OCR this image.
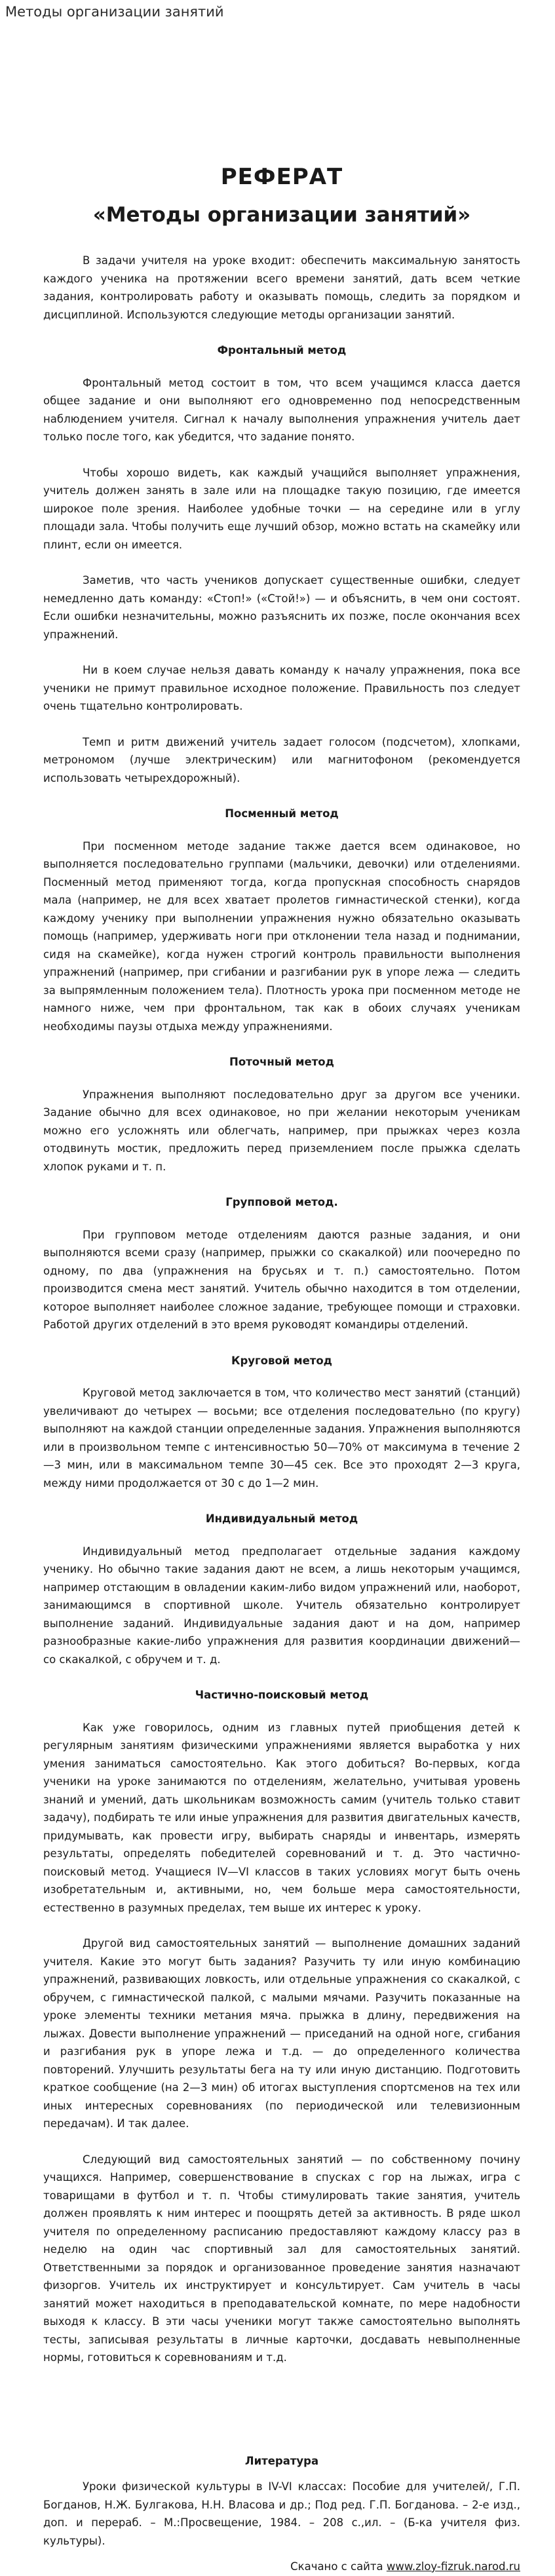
Методы организации занятий
РЕФЕРАТ
«Методы организации занятий»

В задачи учителя на уроке входит: обеспечить максимальную занятость каждого ученика на протяжении всего времени занятий, дать всем четкие задания, контролировать работу и оказывать помощь, следить за порядком и дисциплиной. Используются следующие методы организации занятий.

Фронтальный метод

Фронтальный метод состоит в том, что всем учащимся класса дается общее задание и они выполняют его одновременно под непосредственным наблюдением учителя. Сигнал к началу выполнения упражнения учитель дает только после того, как убедится, что задание понято.

Чтобы хорошо видеть, как каждый учащийся выполняет упражнения, учитель должен занять в зале или на площадке такую позицию, где имеется широкое поле зрения. Наиболее удобные точки — на середине или в углу площади зала. Чтобы получить еще лучший обзор, можно встать на скамейку или плинт, если он имеется.

Заметив, что часть учеников допускает существенные ошибки, следует немедленно дать команду: «Стоп!» («Стой!») — и объяснить, в чем они состоят. Если ошибки незначительны, можно разъяснить их позже, после окончания всех упражнений.

Ни в коем случае нельзя давать команду к началу упражнения, пока все ученики не примут правильное исходное положение. Правильность поз следует очень тщательно контролировать.

Темп и ритм движений учитель задает голосом (подсчетом), хлопками, метрономом (лучше электрическим) или магнитофоном (рекомендуется использовать четырехдорожный).

Посменный метод

При посменном методе задание также дается всем одинаковое, но выполняется последовательно группами (мальчики, девочки) или отделениями. Посменный метод применяют тогда, когда пропускная способность снарядов мала (например, не для всех хватает пролетов гимнастической стенки), когда каждому ученику при выполнении упражнения нужно обязательно оказывать помощь (например, удерживать ноги при отклонении тела назад и поднимании, сидя на скамейке), когда нужен строгий контроль правильности выполнения упражнений (например, при сгибании и разгибании рук в упоре лежа — следить за выпрямленным положением тела). Плотность урока при посменном методе не намного ниже, чем при фронтальном, так как в обоих случаях ученикам необходимы паузы отдыха между упражнениями.

Поточный метод

Упражнения выполняют последовательно друг за другом все ученики. Задание обычно для всех одинаковое, но при желании некоторым ученикам можно его усложнять или облегчать, например, при прыжках через козла отодвинуть мостик, предложить перед приземлением после прыжка сделать хлопок руками и т. п.

Групповой метод.

При групповом методе отделениям даются разные задания, и они выполняются всеми сразу (например, прыжки со скакалкой) или поочередно по одному, по два (упражнения на брусьях и т. п.) самостоятельно. Потом производится смена мест занятий. Учитель обычно находится в том отделении, которое выполняет наиболее сложное задание, требующее помощи и страховки. Работой других отделений в это время руководят командиры отделений.

Круговой метод

Круговой метод заключается в том, что количество мест занятий (станций) увеличивают до четырех — восьми; все отделения последовательно (по кругу) выполняют на каждой станции определенные задания. Упражнения выполняются или в произвольном темпе с интенсивностью 50—70% от максимума в течение 2—3 мин, или в максимальном темпе 30—45 сек. Все это проходят 2—3 круга, между ними продолжается от 30 с до 1—2 мин.

Индивидуальный метод

Индивидуальный метод предполагает отдельные задания каждому ученику. Но обычно такие задания дают не всем, а лишь некоторым учащимся, например отстающим в овладении каким-либо видом упражнений или, наоборот, занимающимся в спортивной школе. Учитель обязательно контролирует выполнение заданий. Индивидуальные задания дают и на дом, например разнообразные какие-либо упражнения для развития координации движений— со скакалкой, с обручем и т. д.

Частично-поисковый метод

Как уже говорилось, одним из главных путей приобщения детей к регулярным занятиям физическими упражнениями является выработка у них умения заниматься самостоятельно. Как этого добиться? Во-первых, когда ученики на уроке занимаются по отделениям, желательно, учитывая уровень знаний и умений, дать школьникам возможность самим (учитель только ставит задачу), подбирать те или иные упражнения для развития двигательных качеств, придумывать, как провести игру, выбирать снаряды и инвентарь, измерять результаты, определять победителей соревнований и т. д. Это частично-поисковый метод. Учащиеся IV—VI классов в таких условиях могут быть очень изобретательным и, активными, но, чем больше мера самостоятельности, естественно в разумных пределах, тем выше их интерес к уроку.

Другой вид самостоятельных занятий — выполнение домашних заданий учителя. Какие это могут быть задания? Разучить ту или иную комбинацию упражнений, развивающих ловкость, или отдельные упражнения со скакалкой, с обручем, с гимнастической палкой, с малыми мячами. Разучить показанные на уроке элементы техники метания мяча. прыжка в длину, передвижения на лыжах. Довести выполнение упражнений — приседаний на одной ноге, сгибания и разгибания рук в упоре лежа и т.д. — до определенного количества повторений. Улучшить результаты бега на ту или иную дистанцию. Подготовить краткое сообщение (на 2—3 мин) об итогах выступления спортсменов на тех или иных интересных соревнованиях (по периодической или телевизионным передачам). И так далее.

Следующий вид самостоятельных занятий — по собственному почину учащихся. Например, совершенствование в спусках с гор на лыжах, игра с товарищами в футбол и т. п. Чтобы стимулировать такие занятия, учитель должен проявлять к ним интерес и поощрять детей за активность. В ряде школ учителя по определенному расписанию предоставляют каждому классу раз в неделю на один час спортивный зал для самостоятельных занятий. Ответственными за порядок и организованное проведение занятия назначают физоргов. Учитель их инструктирует и консультирует. Сам учитель в часы занятий может находиться в преподавательской комнате, по мере надобности выходя к классу. В эти часы ученики могут также самостоятельно выполнять тесты, записывая результаты в личные карточки, досдавать невыполненные нормы, готовиться к соревнованиям и т.д.

Литература
Уроки физической культуры в IV-VI классах: Пособие для учителей/, Г.П. Богданов, Н.Ж. Булгакова, Н.Н. Власова и др.; Под ред. Г.П. Богданова. – 2-е изд., доп. и перераб. – М.:Просвещение, 1984. – 208 с.,ил. – (Б-ка учителя физ. культуры).
Скачано с сайта www.zloy-fizruk.narod.ru
